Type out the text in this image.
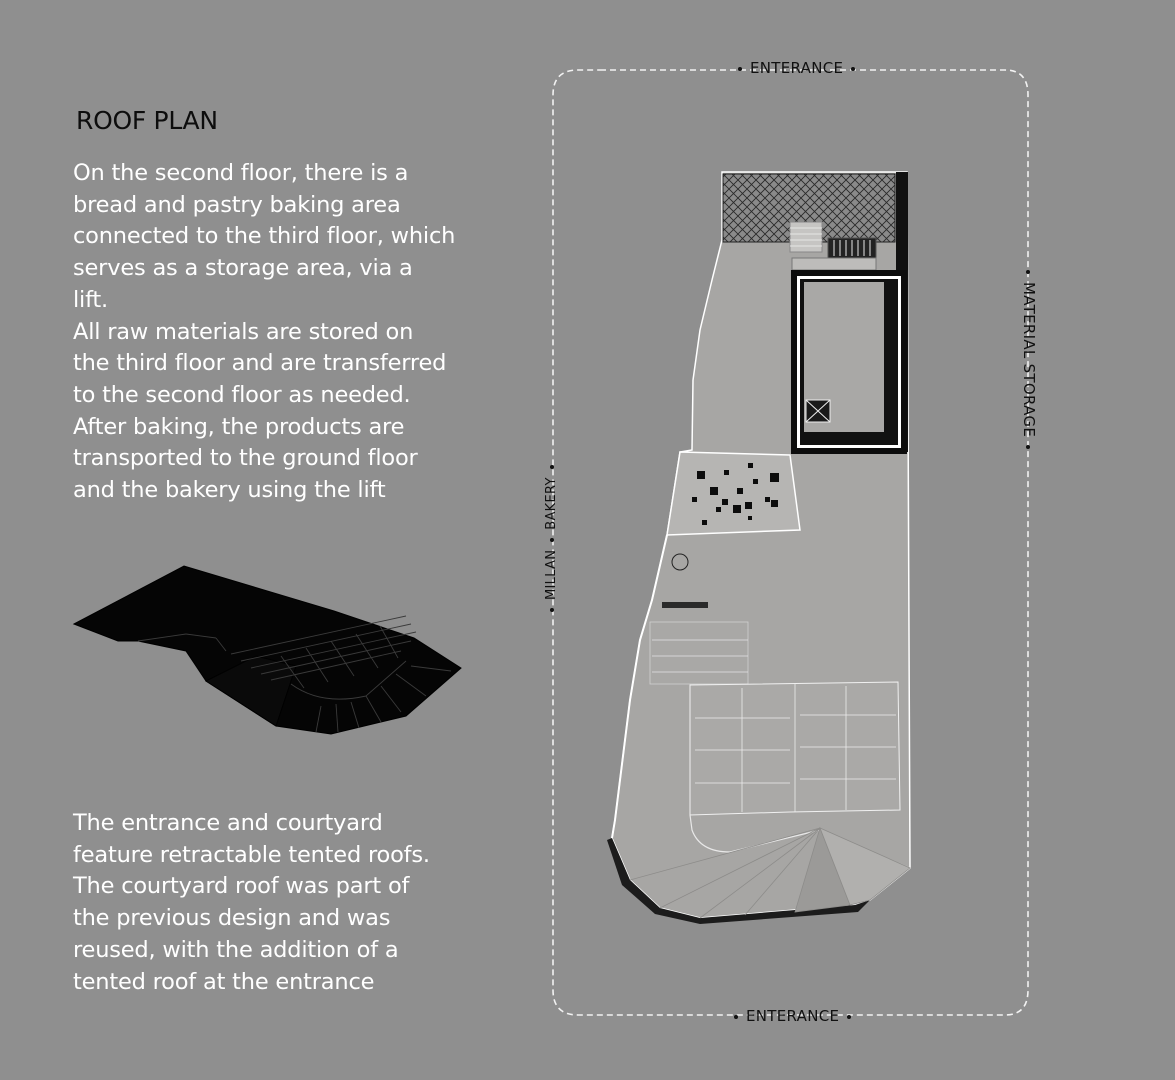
ROOF PLAN

On the second floor, there is a

bread and pastry baking area

connected to the third floor, which

serves as a storage area, via a

lift.

All raw materials are stored on

the third floor and are transferred

to the second floor as needed.

After baking, the products are

transported to the ground floor

and the bakery using the lift

The entrance and courtyard

feature retractable tented roofs.

The courtyard roof was part of

the previous design and was

reused, with the addition of a

tented roof at the entrance

ENTERANCE
ENTERANCE
MATERIAL STORAGE
MILLANBAKERY
